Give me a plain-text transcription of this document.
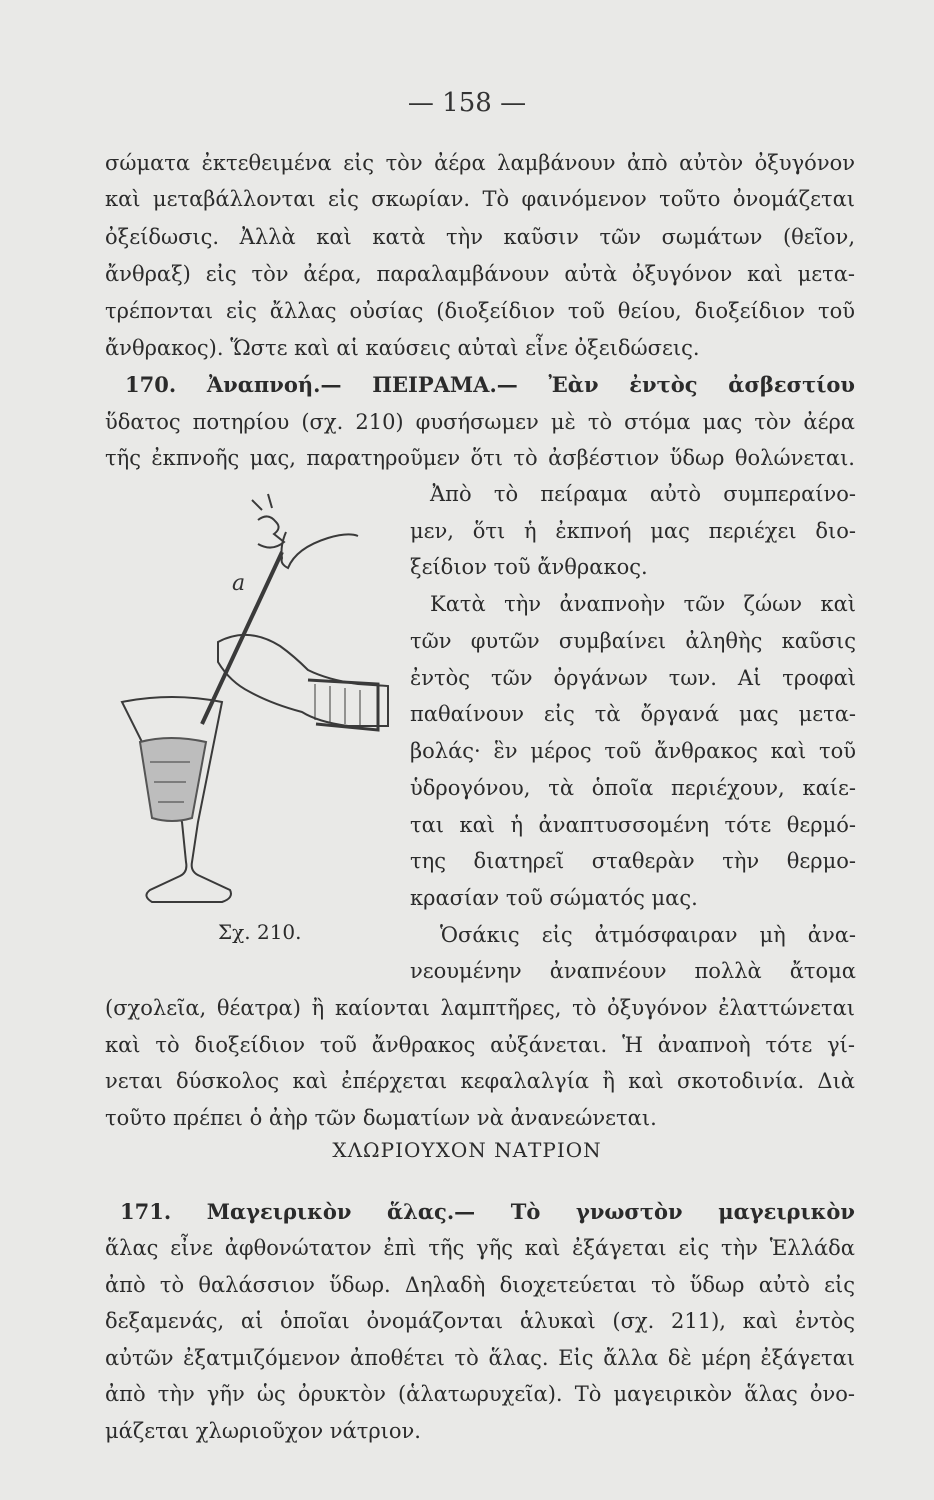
— 158 —
σώματα ἐκτεθειμένα εἰς τὸν ἀέρα λαμβάνουν ἀπὸ αὐτὸν ὀξυγόνον
καὶ μεταβάλλονται εἰς σκωρίαν. Τὸ φαινόμενον τοῦτο ὀνομάζεται
ὀξείδωσις. Ἀλλὰ καὶ κατὰ τὴν καῦσιν τῶν σωμάτων (θεῖον,
ἄνθραξ) εἰς τὸν ἀέρα, παραλαμβάνουν αὐτὰ ὀξυγόνον καὶ μετα-
τρέπονται εἰς ἄλλας οὐσίας (διοξείδιον τοῦ θείου, διοξείδιον τοῦ
ἄνθρακος). Ὥστε καὶ αἱ καύσεις αὐταὶ εἶνε ὀξειδώσεις.
170. Ἀναπνοή.— ΠΕΙΡΑΜΑ.— Ἐὰν ἐντὸς ἀσβεστίου
ὕδατος ποτηρίου (σχ. 210) φυσήσωμεν μὲ τὸ στόμα μας τὸν ἀέρα
τῆς ἐκπνοῆς μας, παρατηροῦμεν ὅτι τὸ ἀσβέστιον ὕδωρ θολώνεται.
Ἀπὸ τὸ πείραμα αὐτὸ συμπεραίνο-
μεν, ὅτι ἡ ἐκπνοή μας περιέχει διο-
ξείδιον τοῦ ἄνθρακος.
Κατὰ τὴν ἀναπνοὴν τῶν ζώων καὶ
τῶν φυτῶν συμβαίνει ἀληθὴς καῦσις
ἐντὸς τῶν ὀργάνων των. Αἱ τροφαὶ
παθαίνουν εἰς τὰ ὄργανά μας μετα-
βολάς· ἓν μέρος τοῦ ἄνθρακος καὶ τοῦ
ὑδρογόνου, τὰ ὁποῖα περιέχουν, καίε-
ται καὶ ἡ ἀναπτυσσομένη τότε θερμό-
της διατηρεῖ σταθερὰν τὴν θερμο-
κρασίαν τοῦ σώματός μας.
Ὁσάκις εἰς ἀτμόσφαιραν μὴ ἀνα-
νεουμένην ἀναπνέουν πολλὰ ἄτομα
a
Σχ. 210.
(σχολεῖα, θέατρα) ἢ καίονται λαμπτῆρες, τὸ ὀξυγόνον ἐλαττώνεται
καὶ τὸ διοξείδιον τοῦ ἄνθρακος αὐξάνεται. Ἡ ἀναπνοὴ τότε γί-
νεται δύσκολος καὶ ἐπέρχεται κεφαλαλγία ἢ καὶ σκοτοδινία. Διὰ
τοῦτο πρέπει ὁ ἀὴρ τῶν δωματίων νὰ ἀνανεώνεται.
ΧΛΩΡΙΟΥΧΟΝ ΝΑΤΡΙΟΝ
171. Μαγειρικὸν ἅλας.— Τὸ γνωστὸν μαγειρικὸν
ἅλας εἶνε ἀφθονώτατον ἐπὶ τῆς γῆς καὶ ἐξάγεται εἰς τὴν Ἑλλάδα
ἀπὸ τὸ θαλάσσιον ὕδωρ. Δηλαδὴ διοχετεύεται τὸ ὕδωρ αὐτὸ εἰς
δεξαμενάς, αἱ ὁποῖαι ὀνομάζονται ἁλυκαὶ (σχ. 211), καὶ ἐντὸς
αὐτῶν ἐξατμιζόμενον ἀποθέτει τὸ ἅλας. Εἰς ἄλλα δὲ μέρη ἐξάγεται
ἀπὸ τὴν γῆν ὡς ὀρυκτὸν (ἁλατωρυχεῖα). Τὸ μαγειρικὸν ἅλας ὀνο-
μάζεται χλωριοῦχον νάτριον.
